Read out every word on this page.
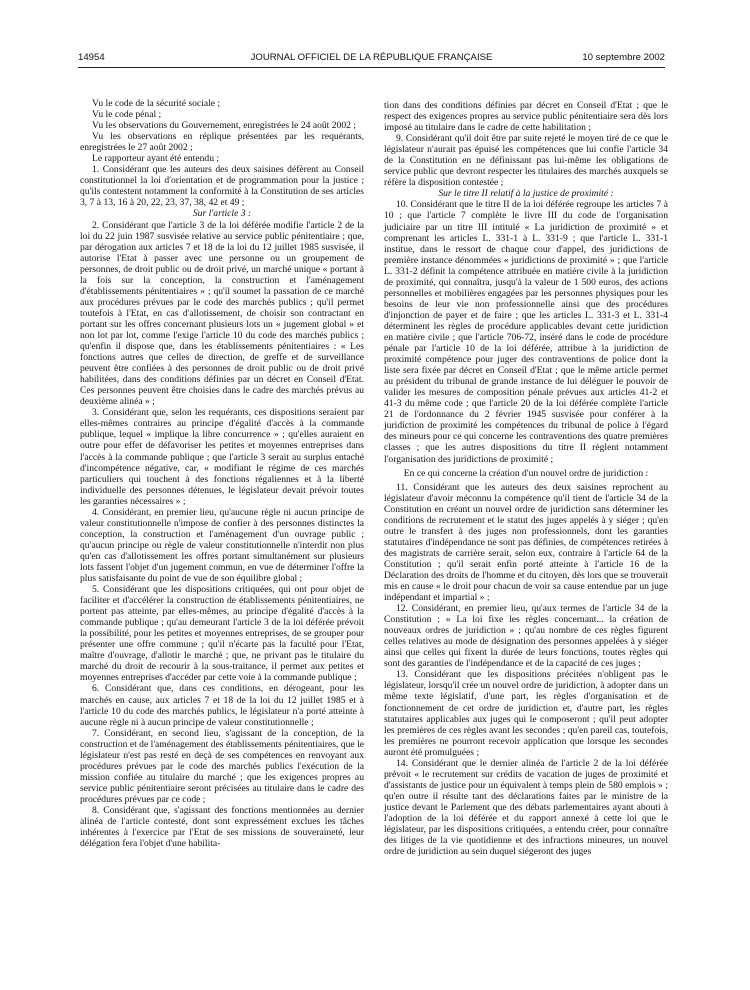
14954	JOURNAL OFFICIEL DE LA RÉPUBLIQUE FRANÇAISE	10 septembre 2002

Vu le code de la sécurité sociale ;

Vu le code pénal ;

Vu les observations du Gouvernement, enregistrées le 24 août 2002 ;

Vu les observations en réplique présentées par les requérants, enregistrées le 27 août 2002 ;

Le rapporteur ayant été entendu ;

1. Considérant que les auteurs des deux saisines défèrent au Conseil constitutionnel la loi d'orientation et de programmation pour la justice ; qu'ils contestent notamment la conformité à la Constitution de ses articles 3, 7 à 13, 16 à 20, 22, 23, 37, 38, 42 et 49 ;

Sur l'article 3 :

2. Considérant que l'article 3 de la loi déférée modifie l'article 2 de la loi du 22 juin 1987 susvisée relative au service public pénitentiaire ; que, par dérogation aux articles 7 et 18 de la loi du 12 juillet 1985 susvisée, il autorise l'Etat à passer avec une personne ou un groupement de personnes, de droit public ou de droit privé, un marché unique « portant à la fois sur la conception, la construction et l'aménagement d'établissements pénitentiaires » ; qu'il soumet la passation de ce marché aux procédures prévues par le code des marchés publics ; qu'il permet toutefois à l'Etat, en cas d'allotissement, de choisir son contractant en portant sur les offres concernant plusieurs lots un « jugement global » et non lot par lot, comme l'exige l'article 10 du code des marchés publics ; qu'enfin il dispose que, dans les établissements pénitentiaires : « Les fonctions autres que celles de direction, de greffe et de surveillance peuvent être confiées à des personnes de droit public ou de droit privé habilitées, dans des conditions définies par un décret en Conseil d'Etat. Ces personnes peuvent être choisies dans le cadre des marchés prévus au deuxième alinéa » ;

3. Considérant que, selon les requérants, ces dispositions seraient par elles-mêmes contraires au principe d'égalité d'accès à la commande publique, lequel « implique la libre concurrence » ; qu'elles auraient en outre pour effet de défavoriser les petites et moyennes entreprises dans l'accès à la commande publique ; que l'article 3 serait au surplus entaché d'incompétence négative, car, « modifiant le régime de ces marchés particuliers qui touchent à des fonctions régaliennes et à la liberté individuelle des personnes détenues, le législateur devait prévoir toutes les garanties nécessaires » ;

4. Considérant, en premier lieu, qu'aucune règle ni aucun principe de valeur constitutionnelle n'impose de confier à des personnes distinctes la conception, la construction et l'aménagement d'un ouvrage public ; qu'aucun principe ou règle de valeur constitutionnelle n'interdit non plus qu'en cas d'allotissement les offres portant simultanément sur plusieurs lots fassent l'objet d'un jugement commun, en vue de déterminer l'offre la plus satisfaisante du point de vue de son équilibre global ;

5. Considérant que les dispositions critiquées, qui ont pour objet de faciliter et d'accélérer la construction de établissements pénitentiaires, ne portent pas atteinte, par elles-mêmes, au principe d'égalité d'accès à la commande publique ; qu'au demeurant l'article 3 de la loi déférée prévoit la possibilité, pour les petites et moyennes entreprises, de se grouper pour présenter une offre commune ; qu'il n'écarte pas la faculté pour l'Etat, maître d'ouvrage, d'allotir le marché ; que, ne privant pas le titulaire du marché du droit de recourir à la sous-traitance, il permet aux petites et moyennes entreprises d'accéder par cette voie à la commande publique ;

6. Considérant que, dans ces conditions, en dérogeant, pour les marchés en cause, aux articles 7 et 18 de la loi du 12 juillet 1985 et à l'article 10 du code des marchés publics, le législateur n'a porté atteinte à aucune règle ni à aucun principe de valeur constitutionnelle ;

7. Considérant, en second lieu, s'agissant de la conception, de la construction et de l'aménagement des établissements pénitentiaires, que le législateur n'est pas resté en deçà de ses compétences en renvoyant aux procédures prévues par le code des marchés publics l'exécution de la mission confiée au titulaire du marché ; que les exigences propres au service public pénitentiaire seront précisées au titulaire dans le cadre des procédures prévues par ce code ;

8. Considérant que, s'agissant des fonctions mentionnées au dernier alinéa de l'article contesté, dont sont expressément exclues les tâches inhérentes à l'exercice par l'Etat de ses missions de souveraineté, leur délégation fera l'objet d'une habilita-

tion dans des conditions définies par décret en Conseil d'Etat ; que le respect des exigences propres au service public pénitentiaire sera dès lors imposé au titulaire dans le cadre de cette habilitation ;

9. Considérant qu'il doit être par suite rejeté le moyen tiré de ce que le législateur n'aurait pas épuisé les compétences que lui confie l'article 34 de la Constitution en ne définissant pas lui-même les obligations de service public que devront respecter les titulaires des marchés auxquels se réfère la disposition contestée ;

Sur le titre II relatif à la justice de proximité :

10. Considérant que le titre II de la loi déférée regroupe les articles 7 à 10 ; que l'article 7 complète le livre III du code de l'organisation judiciaire par un titre III intitulé « La juridiction de proximité » et comprenant les articles L. 331-1 à L. 331-9 ; que l'article L. 331-1 institue, dans le ressort de chaque cour d'appel, des juridictions de première instance dénommées « juridictions de proximité » ; que l'article L. 331-2 définit la compétence attribuée en matière civile à la juridiction de proximité, qui connaîtra, jusqu'à la valeur de 1 500 euros, des actions personnelles et mobilières engagées par les personnes physiques pour les besoins de leur vie non professionnelle ainsi que des procédures d'injonction de payer et de faire ; que les articles L. 331-3 et L. 331-4 déterminent les règles de procédure applicables devant cette juridiction en matière civile ; que l'article 706-72, inséré dans le code de procédure pénale par l'article 10 de la loi déférée, attribue à la juridiction de proximité compétence pour juger des contraventions de police dont la liste sera fixée par décret en Conseil d'Etat ; que le même article permet au président du tribunal de grande instance de lui déléguer le pouvoir de valider les mesures de composition pénale prévues aux articles 41-2 et 41-3 du même code ; que l'article 20 de la loi déférée complète l'article 21 de l'ordonnance du 2 février 1945 susvisée pour conférer à la juridiction de proximité les compétences du tribunal de police à l'égard des mineurs pour ce qui concerne les contraventions des quatre premières classes ; que les autres dispositions du titre II règlent notamment l'organisation des juridictions de proximité ;

En ce qui concerne la création d'un nouvel ordre de juridiction :

11. Considérant que les auteurs des deux saisines reprochent au législateur d'avoir méconnu la compétence qu'il tient de l'article 34 de la Constitution en créant un nouvel ordre de juridiction sans déterminer les conditions de recrutement et le statut des juges appelés à y siéger ; qu'en outre le transfert à des juges non professionnels, dont les garanties statutaires d'indépendance ne sont pas définies, de compétences retirées à des magistrats de carrière serait, selon eux, contraire à l'article 64 de la Constitution ; qu'il serait enfin porté atteinte à l'article 16 de la Déclaration des droits de l'homme et du citoyen, dès lors que se trouverait mis en cause « le droit pour chacun de voir sa cause entendue par un juge indépendant et impartial » ;

12. Considérant, en premier lieu, qu'aux termes de l'article 34 de la Constitution : « La loi fixe les règles concernant... la création de nouveaux ordres de juridiction » ; qu'au nombre de ces règles figurent celles relatives au mode de désignation des personnes appelées à y siéger ainsi que celles qui fixent la durée de leurs fonctions, toutes règles qui sont des garanties de l'indépendance et de la capacité de ces juges ;

13. Considérant que les dispositions précitées n'obligent pas le législateur, lorsqu'il crée un nouvel ordre de juridiction, à adopter dans un même texte législatif, d'une part, les règles d'organisation et de fonctionnement de cet ordre de juridiction et, d'autre part, les règles statutaires applicables aux juges qui le composeront ; qu'il peut adopter les premières de ces règles avant les secondes ; qu'en pareil cas, toutefois, les premières ne pourront recevoir application que lorsque les secondes auront été promulguées ;

14. Considérant que le dernier alinéa de l'article 2 de la loi déférée prévoit « le recrutement sur crédits de vacation de juges de proximité et d'assistants de justice pour un équivalent à temps plein de 580 emplois » ; qu'en outre il résulte tant des déclarations faites par le ministre de la justice devant le Parlement que des débats parlementaires ayant abouti à l'adoption de la loi déférée et du rapport annexé à cette loi que le législateur, par les dispositions critiquées, a entendu créer, pour connaître des litiges de la vie quotidienne et des infractions mineures, un nouvel ordre de juridiction au sein duquel siégeront des juges
